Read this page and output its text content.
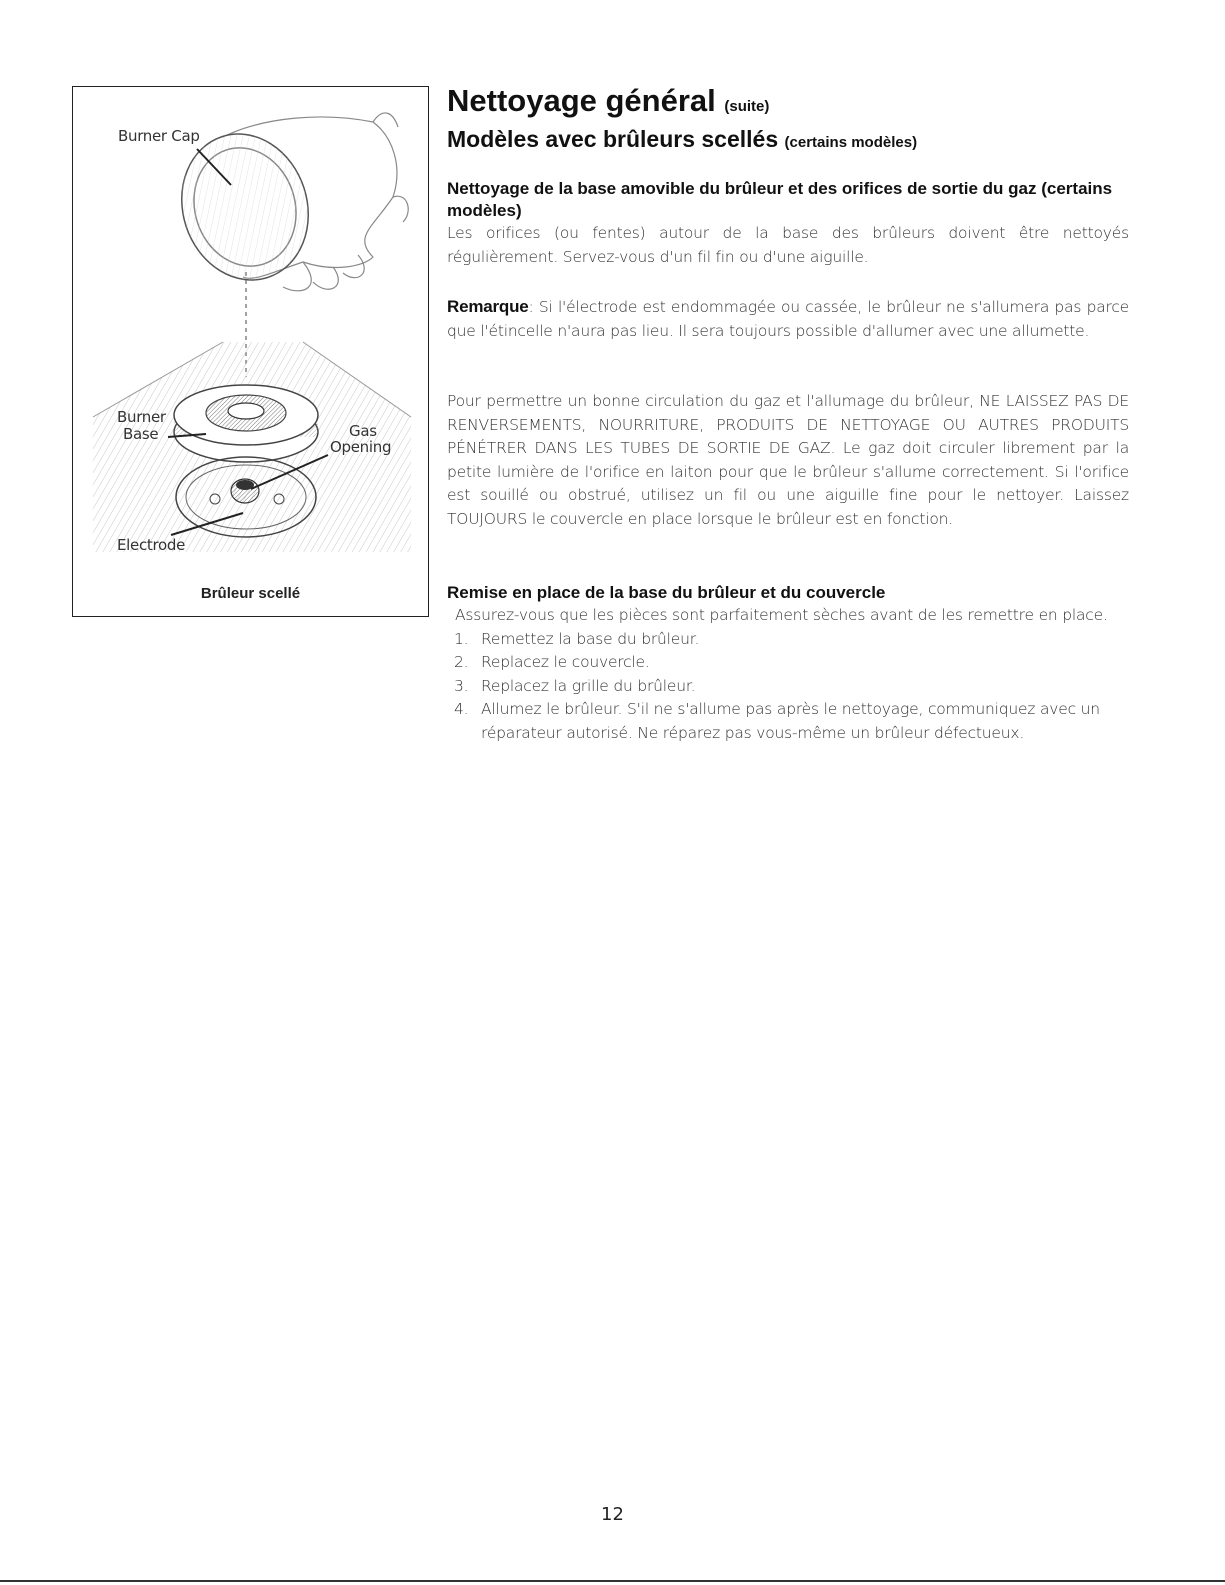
Burner Cap
Burner
Base	Gas
Opening
Electrode
Brûleur scellé
Nettoyage général (suite)
Modèles avec brûleurs scellés (certains modèles)
Nettoyage de la base amovible du brûleur et des orifices de sortie du gaz (certains modèles)

Les orifices (ou fentes) autour de la base des brûleurs doivent être nettoyés régulièrement. Servez-vous d'un fil fin ou d'une aiguille.

Remarque: Si l'électrode est endommagée ou cassée, le brûleur ne s'allumera pas parce que l'étincelle n'aura pas lieu. Il sera toujours possible d'allumer avec une allumette.

Pour permettre un bonne circulation du gaz et l'allumage du brûleur, NE LAISSEZ PAS DE RENVERSEMENTS, NOURRITURE, PRODUITS DE NETTOYAGE OU AUTRES PRODUITS PÉNÉTRER DANS LES TUBES DE SORTIE DE GAZ. Le gaz doit circuler librement par la petite lumière de l'orifice en laiton pour que le brûleur s'allume correctement. Si l'orifice est souillé ou obstrué, utilisez un fil ou une aiguille fine pour le nettoyer. Laissez TOUJOURS le couvercle en place lorsque le brûleur est en fonction.

Remise en place de la base du brûleur et du couvercle

Assurez-vous que les pièces sont parfaitement sèches avant de les remettre en place.

1. Remettez la base du brûleur.
2. Replacez le couvercle.
3. Replacez la grille du brûleur.
4. Allumez le brûleur. S'il ne s'allume pas après le nettoyage, communiquez avec un réparateur autorisé. Ne réparez pas vous-même un brûleur défectueux.
12
